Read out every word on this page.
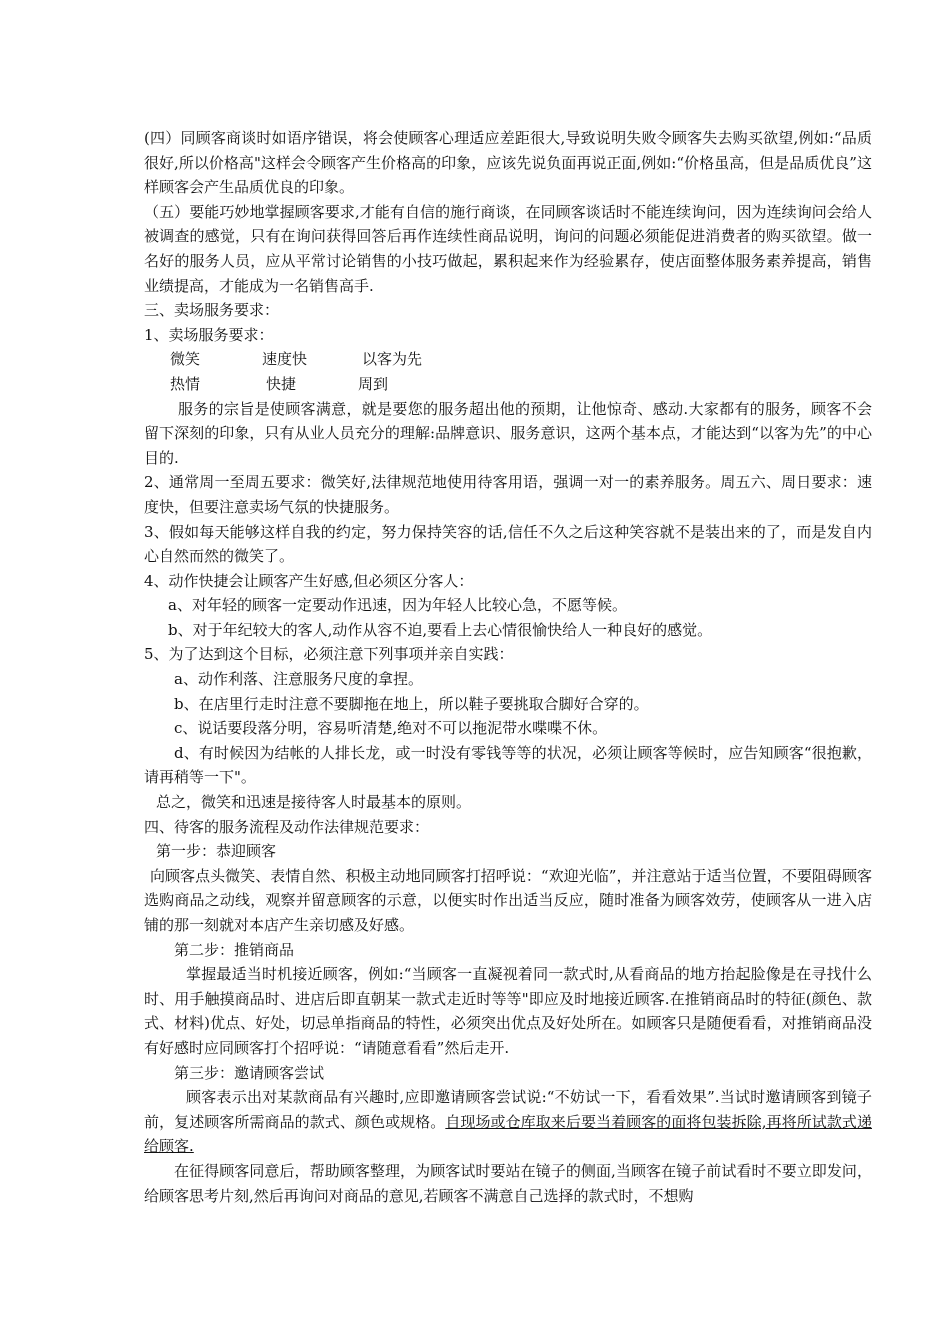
(四）同顾客商谈时如语序错误，将会使顾客心理适应差距很大,导致说明失败令顾客失去购买欲望,例如:“品质很好,所以价格高"这样会令顾客产生价格高的印象，应该先说负面再说正面,例如:“价格虽高，但是品质优良”这样顾客会产生品质优良的印象。

（五）要能巧妙地掌握顾客要求,才能有自信的施行商谈，在同顾客谈话时不能连续询问，因为连续询问会给人被调查的感觉，只有在询问获得回答后再作连续性商品说明，询问的问题必须能促进消费者的购买欲望。做一名好的服务人员，应从平常讨论销售的小技巧做起，累积起来作为经验累存，使店面整体服务素养提高，销售业绩提高，才能成为一名销售高手.

三、卖场服务要求：

1、卖场服务要求：

微笑	速度快	以客为先
热情	快捷	周到

服务的宗旨是使顾客满意，就是要您的服务超出他的预期，让他惊奇、感动.大家都有的服务，顾客不会留下深刻的印象，只有从业人员充分的理解:品牌意识、服务意识，这两个基本点，才能达到“以客为先”的中心目的.

2、通常周一至周五要求：微笑好,法律规范地使用待客用语，强调一对一的素养服务。周五六、周日要求：速度快，但要注意卖场气氛的快捷服务。

3、假如每天能够这样自我的约定，努力保持笑容的话,信任不久之后这种笑容就不是装出来的了，而是发自内心自然而然的微笑了。

4、动作快捷会让顾客产生好感,但必须区分客人：

a、对年轻的顾客一定要动作迅速，因为年轻人比较心急，不愿等候。

b、对于年纪较大的客人,动作从容不迫,要看上去心情很愉快给人一种良好的感觉。

5、为了达到这个目标，必须注意下列事项并亲自实践：

a、动作利落、注意服务尺度的拿捏。

b、在店里行走时注意不要脚拖在地上，所以鞋子要挑取合脚好合穿的。

c、说话要段落分明，容易听清楚,绝对不可以拖泥带水喋喋不休。

d、有时候因为结帐的人排长龙，或一时没有零钱等等的状况，必须让顾客等候时，应告知顾客“很抱歉，请再稍等一下"。

总之，微笑和迅速是接待客人时最基本的原则。

四、待客的服务流程及动作法律规范要求：

第一步：恭迎顾客

向顾客点头微笑、表情自然、积极主动地同顾客打招呼说：“欢迎光临”，并注意站于适当位置，不要阻碍顾客选购商品之动线，观察并留意顾客的示意，以便实时作出适当反应，随时准备为顾客效劳，使顾客从一进入店铺的那一刻就对本店产生亲切感及好感。

第二步：推销商品

掌握最适当时机接近顾客，例如:“当顾客一直凝视着同一款式时,从看商品的地方抬起脸像是在寻找什么时、用手触摸商品时、进店后即直朝某一款式走近时等等"即应及时地接近顾客.在推销商品时的特征(颜色、款式、材料)优点、好处，切忌单指商品的特性，必须突出优点及好处所在。如顾客只是随便看看，对推销商品没有好感时应同顾客打个招呼说：“请随意看看”然后走开.

第三步：邀请顾客尝试

顾客表示出对某款商品有兴趣时,应即邀请顾客尝试说:“不妨试一下，看看效果”.当试时邀请顾客到镜子前，复述顾客所需商品的款式、颜色或规格。自现场或仓库取来后要当着顾客的面将包装拆除,再将所试款式递给顾客.

在征得顾客同意后，帮助顾客整理，为顾客试时要站在镜子的侧面,当顾客在镜子前试看时不要立即发问，给顾客思考片刻,然后再询问对商品的意见,若顾客不满意自己选择的款式时，不想购
